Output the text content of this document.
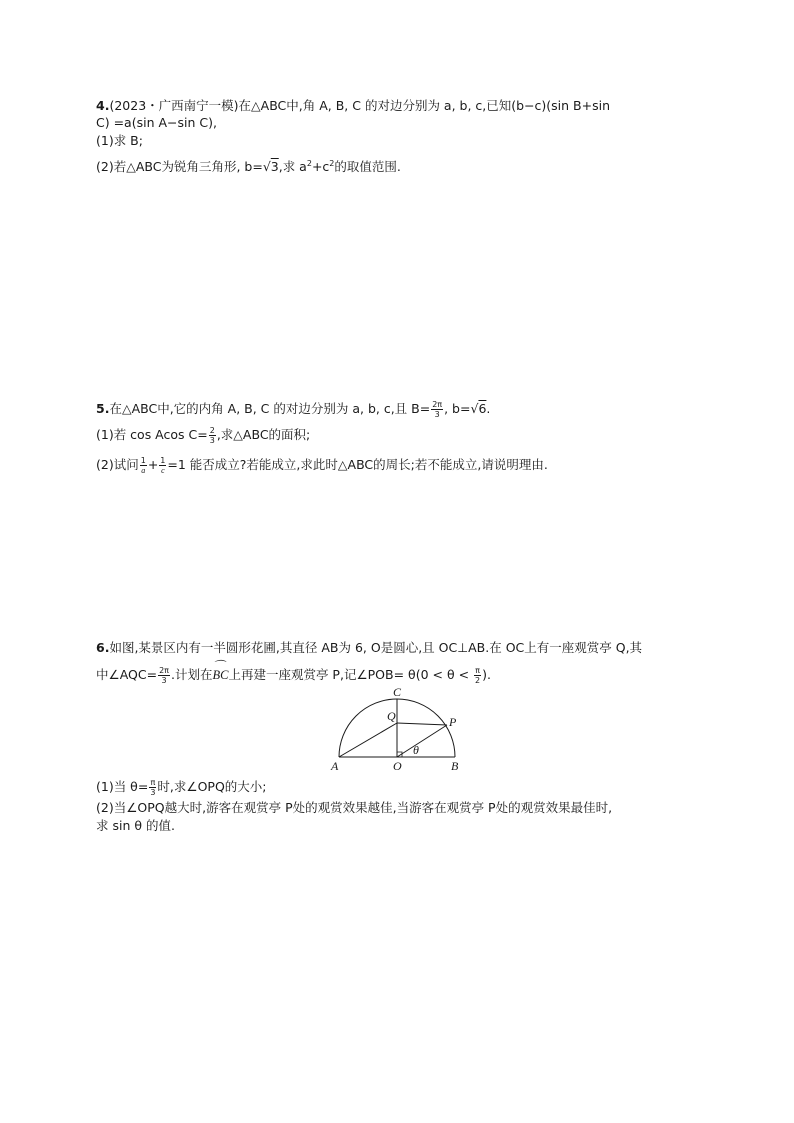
4.(2023・广西南宁一模)在△ABC中,角 A, B, C 的对边分别为 a, b, c,已知(b−c)(sin B+sin
C) =a(sin A−sin C),
(1)求 B;
(2)若△ABC为锐角三角形, b=√3,求 $a^2+c^2$的取值范围.
5.在△ABC中,它的内角 A, B, C 的对边分别为 a, b, c,且 $B= \frac{2\pi}{3}$ , b=√6.
(1)若 cos Acos $C= \frac{2}{3}$ ,求△ABC的面积;
(2)试问 $\frac{1}{a} + \frac{1}{c} =1$ 能否成立?若能成立,求此时△ABC的周长;若不能成立,请说明理由.
6.如图,某景区内有一半圆形花圃,其直径 AB为 6, O是圆心,且 OC⊥AB.在 OC上有一座观赏亭 Q,其
中∠AQC= $\frac{2\pi}{3}$ .计划在⌒ BC上再建一座观赏亭 P,记∠POB= $\theta(0 < \theta < \frac{\pi}{2}$ ).
A	B
O
C
Q	P
θ
(1)当 $\theta= \frac{\pi}{3}$ 时,求∠OPQ的大小;
(2)当∠OPQ越大时,游客在观赏亭 P处的观赏效果越佳,当游客在观赏亭 P处的观赏效果最佳时,
求 sin θ 的值.
